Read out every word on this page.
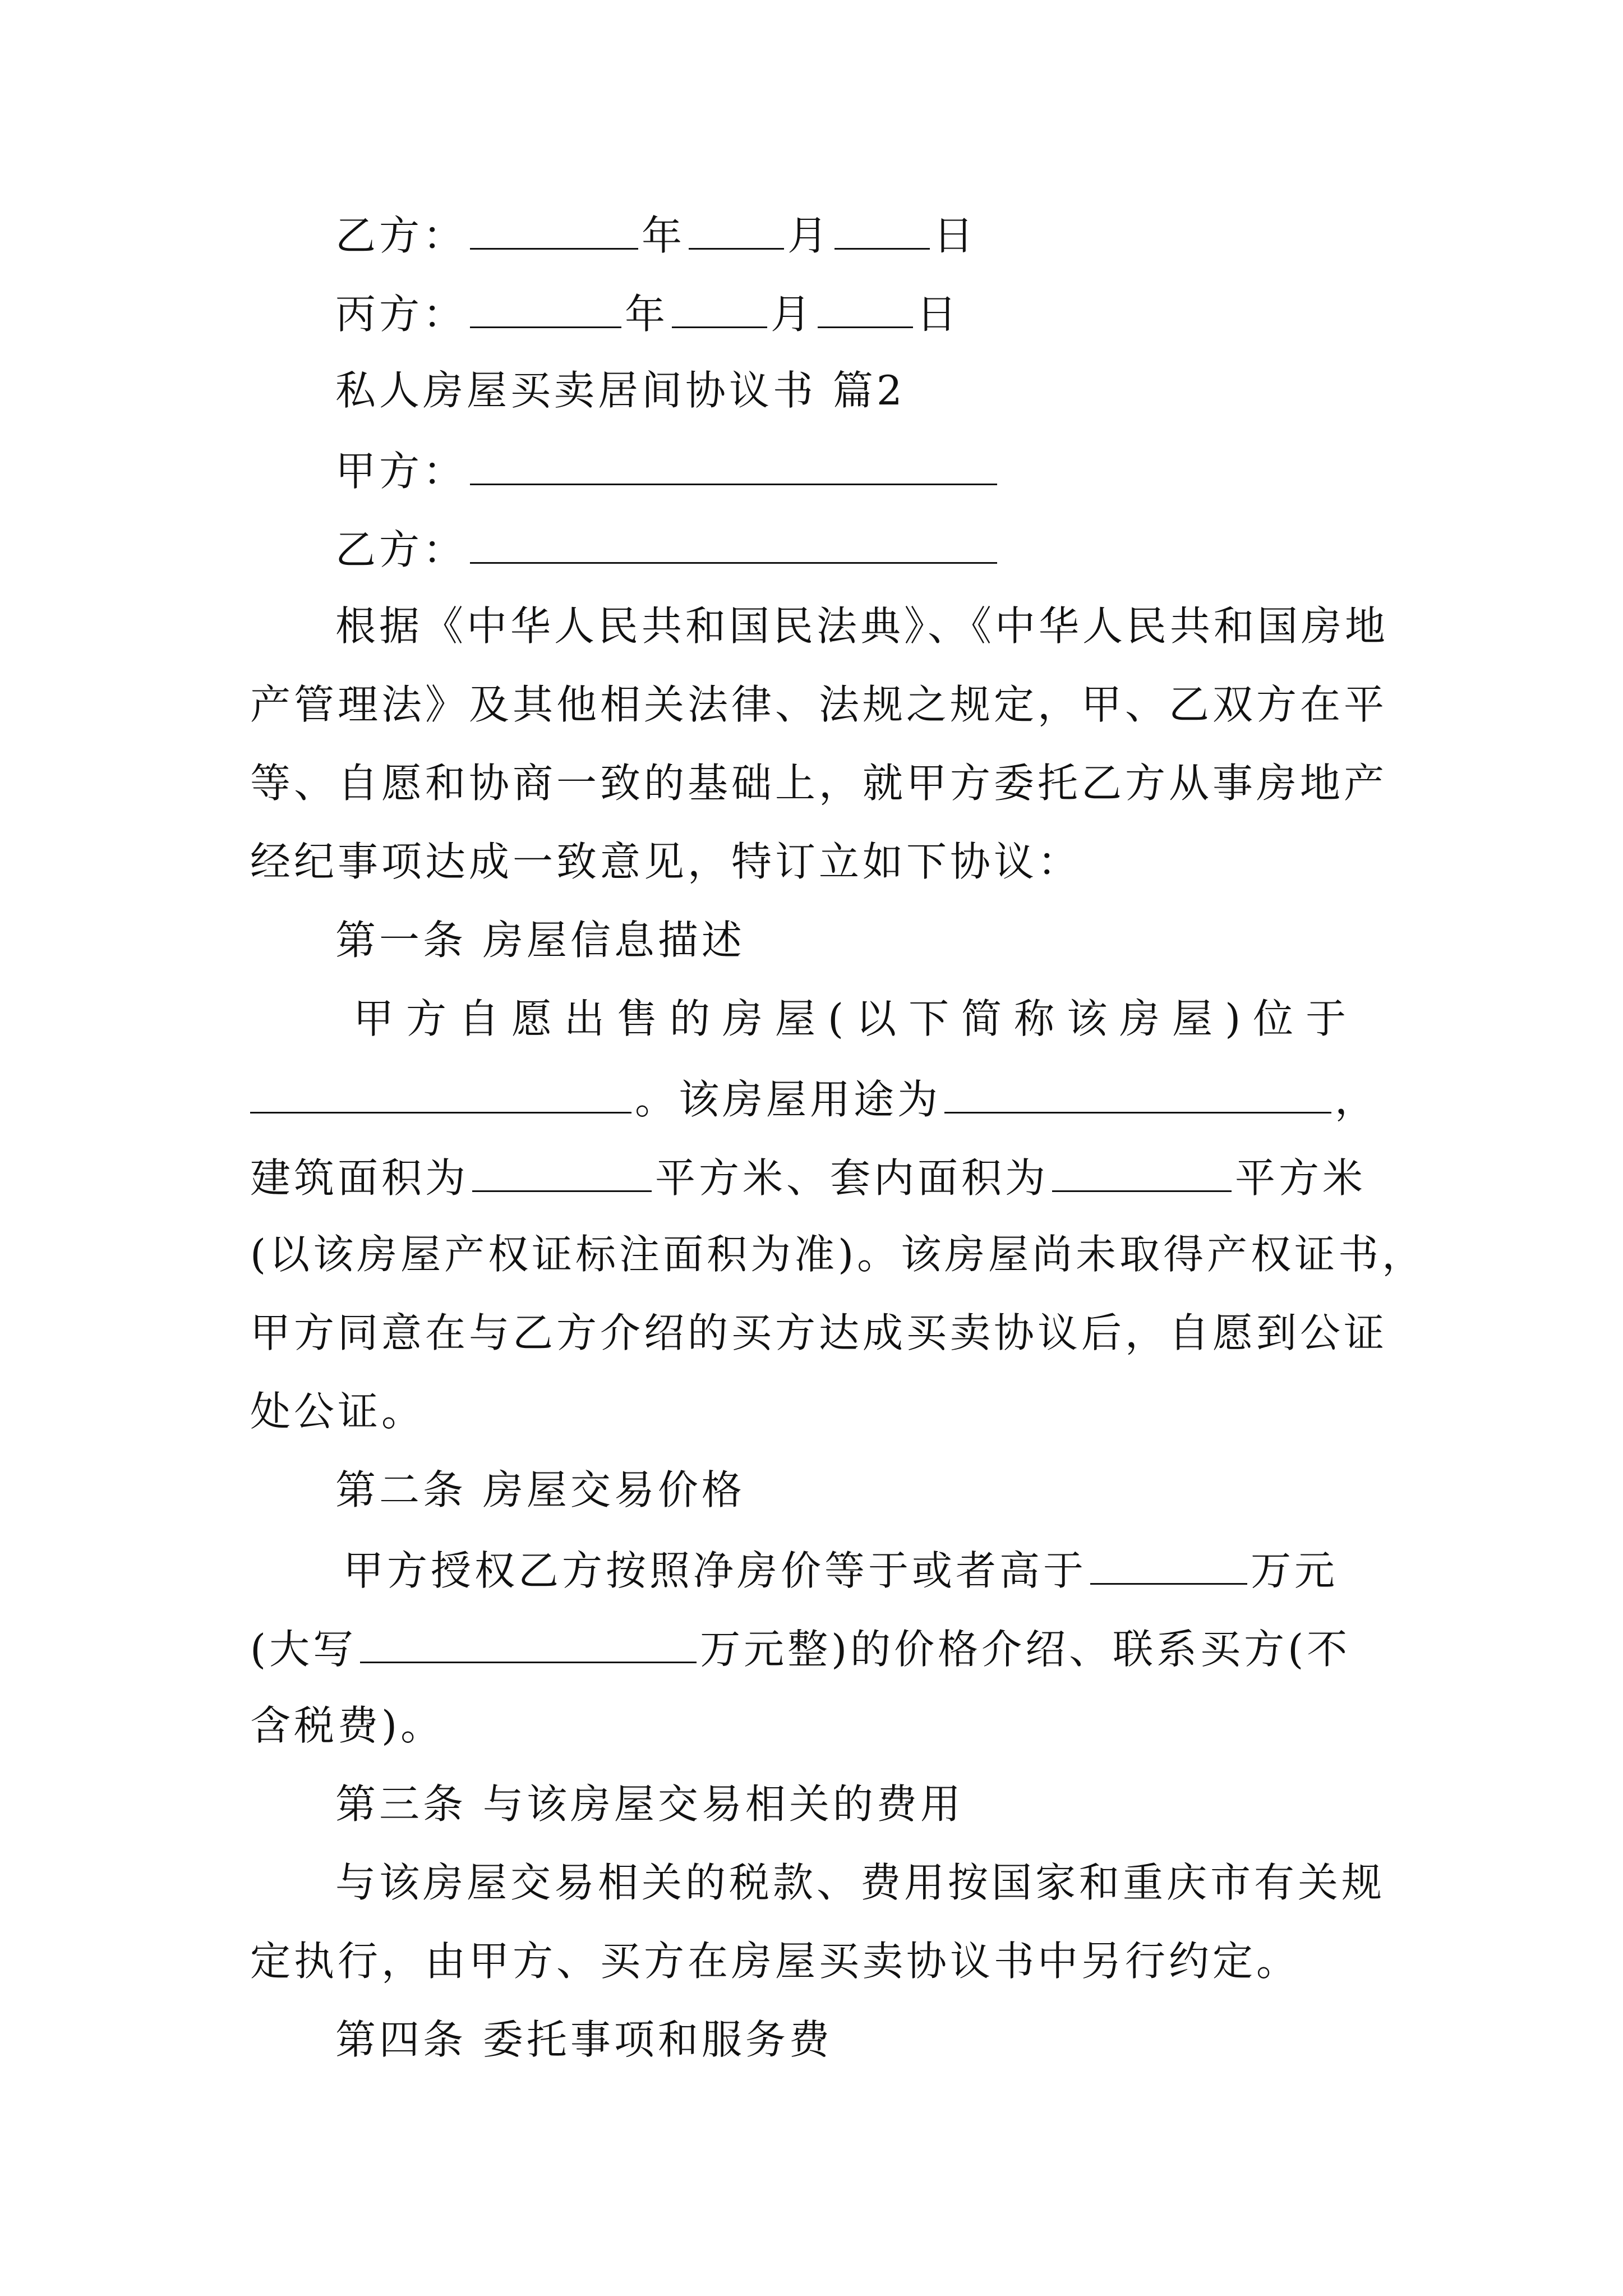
乙方：	年	月	日
丙方：	年	月	日
私人房屋买卖居间协议书 篇2
甲方：
乙方：
根据《中华人民共和国民法典》、《中华人民共和国房地
产管理法》及其他相关法律、法规之规定，甲、乙双方在平
等、自愿和协商一致的基础上，就甲方委托乙方从事房地产
经纪事项达成一致意见，特订立如下协议：
第一条 房屋信息描述
甲方自愿出售的房屋(以下简称该房屋)位于
。该房屋用途为	，
建筑面积为	平方米、套内面积为	平方米
(以该房屋产权证标注面积为准)。该房屋尚未取得产权证书，
甲方同意在与乙方介绍的买方达成买卖协议后，自愿到公证
处公证。
第二条 房屋交易价格
甲方授权乙方按照净房价等于或者高于	万元
(大写	万元整)的价格介绍、联系买方(不
含税费)。
第三条 与该房屋交易相关的费用
与该房屋交易相关的税款、费用按国家和重庆市有关规
定执行，由甲方、买方在房屋买卖协议书中另行约定。
第四条 委托事项和服务费
